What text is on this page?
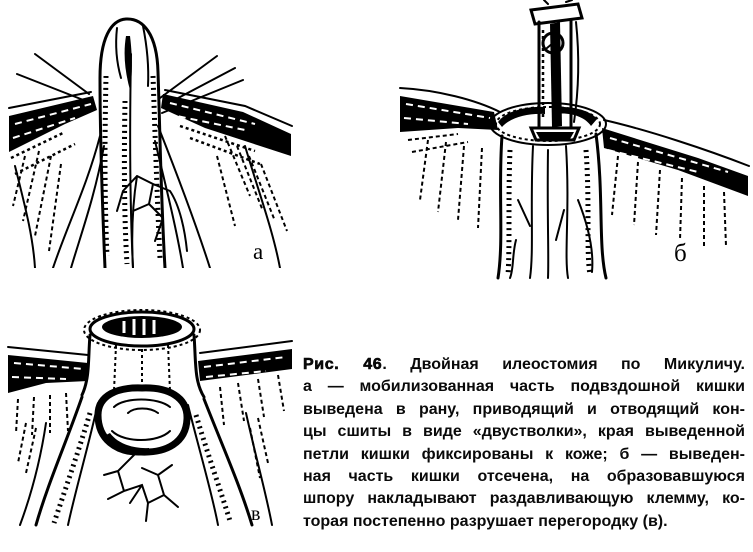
а	б
в
Рис. 46. Двойная илеостомия по Микуличу.
а — мобилизованная часть подвздошной кишки
выведена в рану, приводящий и отводящий кон-
цы сшиты в виде «двустволки», края выведенной
петли кишки фиксированы к коже; б — выведен-
ная часть кишки отсечена, на образовавшуюся
шпору накладывают раздавливающую клемму, ко-
торая постепенно разрушает перегородку (в).
